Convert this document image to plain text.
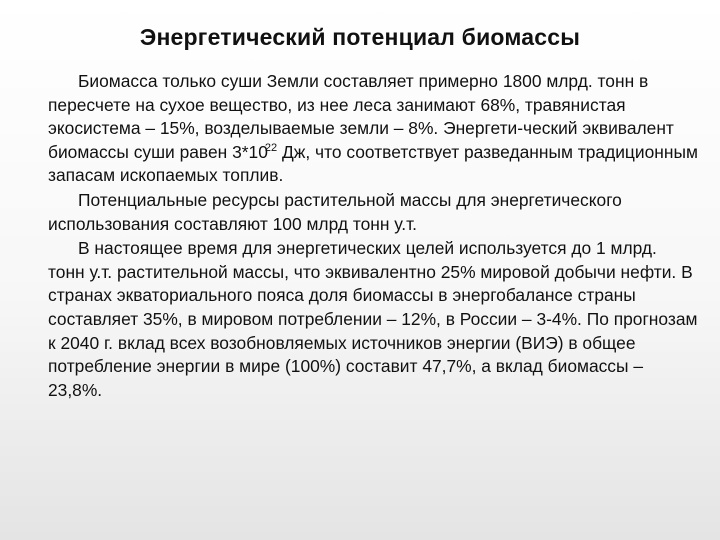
Энергетический потенциал биомассы

Биомасса только суши Земли составляет примерно 1800 млрд. тонн в пересчете на сухое вещество, из нее леса занимают 68%, травянистая экосистема – 15%, возделываемые земли – 8%. Энергети-ческий эквивалент биомассы суши равен $3*10^{22}$ Дж, что соответствует разведанным традиционным запасам ископаемых топлив.

Потенциальные ресурсы растительной массы для энергетического использования составляют 100 млрд тонн у.т.

В настоящее время для энергетических целей используется до 1 млрд. тонн у.т. растительной массы, что эквивалентно 25% мировой добычи нефти. В странах экваториального пояса доля биомассы в энергобалансе страны составляет 35%, в мировом потреблении – 12%, в России – 3-4%. По прогнозам к 2040 г. вклад всех возобновляемых источников энергии (ВИЭ) в общее потребление энергии в мире (100%) составит 47,7%, а вклад биомассы – 23,8%.
